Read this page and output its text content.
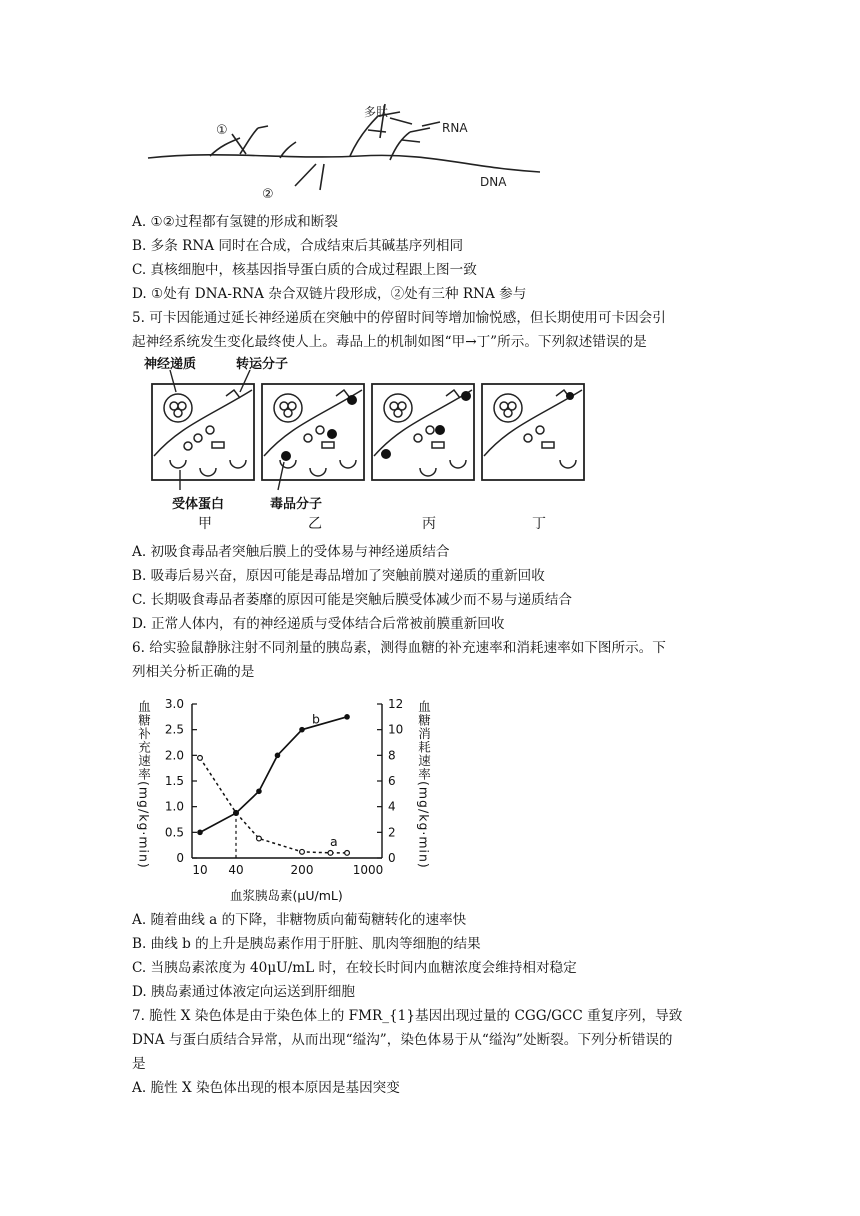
①
多肽
RNA
DNA
②
A. ①②过程都有氢键的形成和断裂
B. 多条 RNA 同时在合成，合成结束后其碱基序列相同
C. 真核细胞中，核基因指导蛋白质的合成过程跟上图一致
D. ①处有 DNA-RNA 杂合双链片段形成，②处有三种 RNA 参与
5. 可卡因能通过延长神经递质在突触中的停留时间等增加愉悦感，但长期使用可卡因会引
起神经系统发生变化最终使人上。毒品上的机制如图“甲→丁”所示。下列叙述错误的是
神经递质	转运分子
受体蛋白	毒品分子
甲	乙	丙	丁
A. 初吸食毒品者突触后膜上的受体易与神经递质结合
B. 吸毒后易兴奋，原因可能是毒品增加了突触前膜对递质的重新回收
C. 长期吸食毒品者萎靡的原因可能是突触后膜受体减少而不易与递质结合
D. 正常人体内，有的神经递质与受体结合后常被前膜重新回收
6. 给实验鼠静脉注射不同剂量的胰岛素，测得血糖的补充速率和消耗速率如下图所示。下
列相关分析正确的是
0
0.5
1.0
1.5
2.0
2.5
3.0
0
2
4
6
8
10
12
10 40	200	1000
a
b
血糖补充速率(mg/kg·min)	血糖消耗速率(mg/kg·min)
血浆胰岛素(μU/mL)
A. 随着曲线 a 的下降，非糖物质向葡萄糖转化的速率快
B. 曲线 b 的上升是胰岛素作用于肝脏、肌肉等细胞的结果
C. 当胰岛素浓度为 40μU/mL 时，在较长时间内血糖浓度会维持相对稳定
D. 胰岛素通过体液定向运送到肝细胞
7. 脆性 X 染色体是由于染色体上的 FMR_{1}基因出现过量的 CGG/GCC 重复序列，导致
DNA 与蛋白质结合异常，从而出现“缢沟”，染色体易于从“缢沟”处断裂。下列分析错误的
是
A. 脆性 X 染色体出现的根本原因是基因突变
